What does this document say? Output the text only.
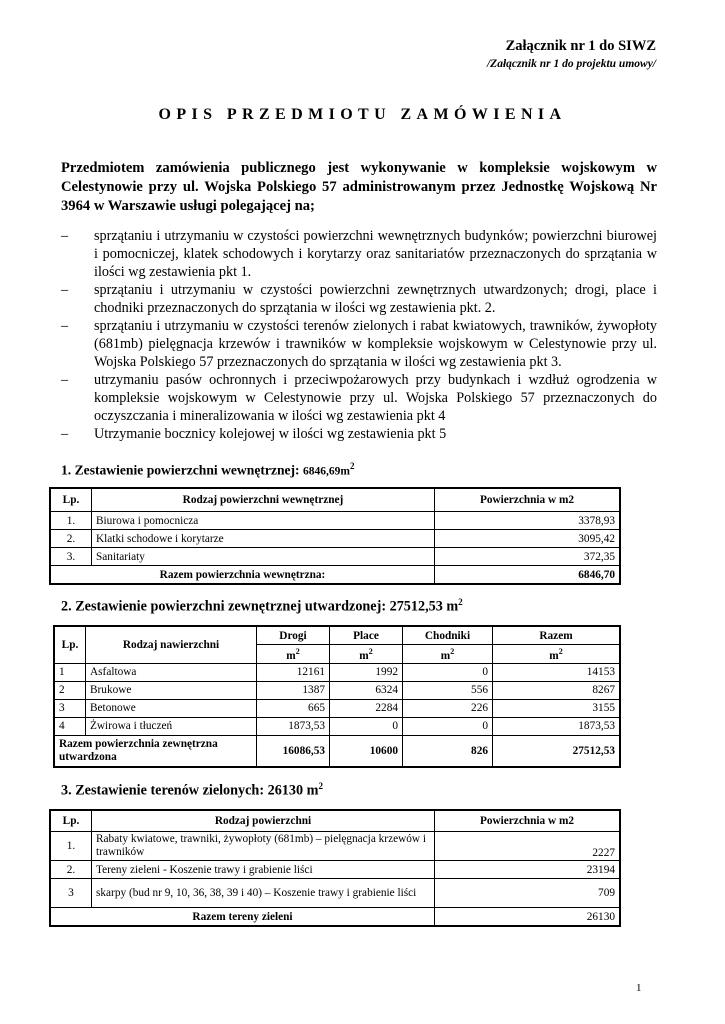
Załącznik nr 1 do SIWZ
/Załącznik nr 1 do projektu umowy/
OPIS PRZEDMIOTU ZAMÓWIENIA
Przedmiotem zamówienia publicznego jest wykonywanie w kompleksie wojskowym w Celestynowie przy ul. Wojska Polskiego 57 administrowanym przez Jednostkę Wojskową Nr 3964 w Warszawie usługi polegającej na;
– sprzątaniu i utrzymaniu w czystości powierzchni wewnętrznych budynków; powierzchni biurowej i pomocniczej, klatek schodowych i korytarzy oraz sanitariatów przeznaczonych do sprzątania w ilości wg zestawienia pkt 1.
– sprzątaniu i utrzymaniu w czystości powierzchni zewnętrznych utwardzonych; drogi, place i chodniki przeznaczonych do sprzątania w ilości wg zestawienia pkt. 2.
– sprzątaniu i utrzymaniu w czystości terenów zielonych i rabat kwiatowych, trawników, żywopłoty (681mb) pielęgnacja krzewów i trawników w kompleksie wojskowym w Celestynowie przy ul. Wojska Polskiego 57 przeznaczonych do sprzątania w ilości wg zestawienia pkt 3.
– utrzymaniu pasów ochronnych i przeciwpożarowych przy budynkach i wzdłuż ogrodzenia w kompleksie wojskowym w Celestynowie przy ul. Wojska Polskiego 57 przeznaczonych do oczyszczania i mineralizowania w ilości wg zestawienia pkt 4
– Utrzymanie bocznicy kolejowej w ilości wg zestawienia pkt 5
1. Zestawienie powierzchni wewnętrznej: $6846,69m^2$
Lp.	Rodzaj powierzchni wewnętrznej	Powierzchnia w m2
1.	Biurowa i pomocnicza	3378,93
2.	Klatki schodowe i korytarze	3095,42
3.	Sanitariaty	372,35
Razem powierzchnia wewnętrzna:		6846,70
2. Zestawienie powierzchni zewnętrznej utwardzonej: 27512,53 $m^2$
Lp.	Rodzaj nawierzchni	Drogi	Place	Chodniki	Razem
		$m^2$	$m^2$	$m^2$	$m^2$
1	Asfaltowa	12161	1992	0	14153
2	Brukowe	1387	6324	556	8267
3	Betonowe	665	2284	226	3155
4	Żwirowa i tłuczeń	1873,53	0	0	1873,53
Razem powierzchnia zewnętrzna utwardzona		16086,53	10600	826	27512,53
3. Zestawienie terenów zielonych: 26130 $m^2$
Lp.	Rodzaj powierzchni	Powierzchnia w m2
1.	Rabaty kwiatowe, trawniki, żywopłoty (681mb) – pielęgnacja krzewów i trawników	2227
2.	Tereny zieleni - Koszenie trawy i grabienie liści	23194
3	skarpy (bud nr 9, 10, 36, 38, 39 i 40) – Koszenie trawy i grabienie liści	709
Razem tereny zieleni		26130
1
